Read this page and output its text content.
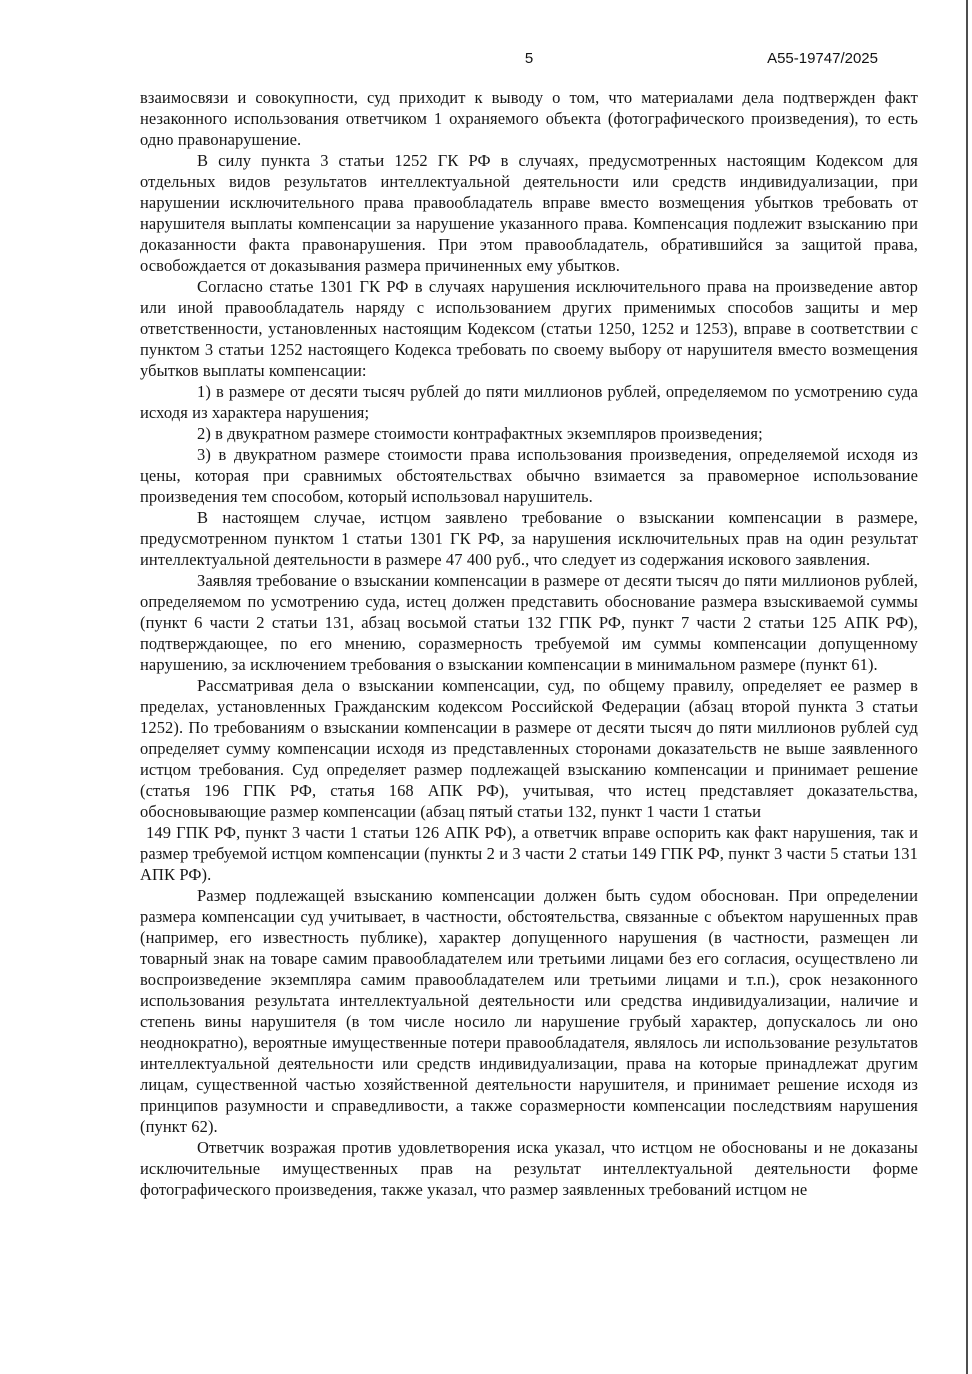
5	А55-19747/2025

взаимосвязи и совокупности, суд приходит к выводу о том, что материалами дела подтвержден факт незаконного использования ответчиком 1 охраняемого объекта (фотографического произведения), то есть одно правонарушение.

В силу пункта 3 статьи 1252 ГК РФ в случаях, предусмотренных настоящим Кодексом для отдельных видов результатов интеллектуальной деятельности или средств индивидуализации, при нарушении исключительного права правообладатель вправе вместо возмещения убытков требовать от нарушителя выплаты компенсации за нарушение указанного права. Компенсация подлежит взысканию при доказанности факта правонарушения. При этом правообладатель, обратившийся за защитой права, освобождается от доказывания размера причиненных ему убытков.

Согласно статье 1301 ГК РФ в случаях нарушения исключительного права на произведение автор или иной правообладатель наряду с использованием других применимых способов защиты и мер ответственности, установленных настоящим Кодексом (статьи 1250, 1252 и 1253), вправе в соответствии с пунктом 3 статьи 1252 настоящего Кодекса требовать по своему выбору от нарушителя вместо возмещения убытков выплаты компенсации:

1) в размере от десяти тысяч рублей до пяти миллионов рублей, определяемом по усмотрению суда исходя из характера нарушения;

2) в двукратном размере стоимости контрафактных экземпляров произведения;

3) в двукратном размере стоимости права использования произведения, определяемой исходя из цены, которая при сравнимых обстоятельствах обычно взимается за правомерное использование произведения тем способом, который использовал нарушитель.

В настоящем случае, истцом заявлено требование о взыскании компенсации в размере, предусмотренном пунктом 1 статьи 1301 ГК РФ, за нарушения исключительных прав на один результат интеллектуальной деятельности в размере 47 400 руб., что следует из содержания искового заявления.

Заявляя требование о взыскании компенсации в размере от десяти тысяч до пяти миллионов рублей, определяемом по усмотрению суда, истец должен представить обоснование размера взыскиваемой суммы (пункт 6 части 2 статьи 131, абзац восьмой статьи 132 ГПК РФ, пункт 7 части 2 статьи 125 АПК РФ), подтверждающее, по его мнению, соразмерность требуемой им суммы компенсации допущенному нарушению, за исключением требования о взыскании компенсации в минимальном размере (пункт 61).

Рассматривая дела о взыскании компенсации, суд, по общему правилу, определяет ее размер в пределах, установленных Гражданским кодексом Российской Федерации (абзац второй пункта 3 статьи 1252). По требованиям о взыскании компенсации в размере от десяти тысяч до пяти миллионов рублей суд определяет сумму компенсации исходя из представленных сторонами доказательств не выше заявленного истцом требования. Суд определяет размер подлежащей взысканию компенсации и принимает решение (статья 196 ГПК РФ, статья 168 АПК РФ), учитывая, что истец представляет доказательства, обосновывающие размер компенсации (абзац пятый статьи 132, пункт 1 части 1 статьи

149 ГПК РФ, пункт 3 части 1 статьи 126 АПК РФ), а ответчик вправе оспорить как факт нарушения, так и размер требуемой истцом компенсации (пункты 2 и 3 части 2 статьи 149 ГПК РФ, пункт 3 части 5 статьи 131 АПК РФ).

Размер подлежащей взысканию компенсации должен быть судом обоснован. При определении размера компенсации суд учитывает, в частности, обстоятельства, связанные с объектом нарушенных прав (например, его известность публике), характер допущенного нарушения (в частности, размещен ли товарный знак на товаре самим правообладателем или третьими лицами без его согласия, осуществлено ли воспроизведение экземпляра самим правообладателем или третьими лицами и т.п.), срок незаконного использования результата интеллектуальной деятельности или средства индивидуализации, наличие и степень вины нарушителя (в том числе носило ли нарушение грубый характер, допускалось ли оно неоднократно), вероятные имущественные потери правообладателя, являлось ли использование результатов интеллектуальной деятельности или средств индивидуализации, права на которые принадлежат другим лицам, существенной частью хозяйственной деятельности нарушителя, и принимает решение исходя из принципов разумности и справедливости, а также соразмерности компенсации последствиям нарушения (пункт 62).

Ответчик возражая против удовлетворения иска указал, что истцом не обоснованы и не доказаны исключительные имущественных прав на результат интеллектуальной деятельности форме фотографического произведения, также указал, что размер заявленных требований истцом не
